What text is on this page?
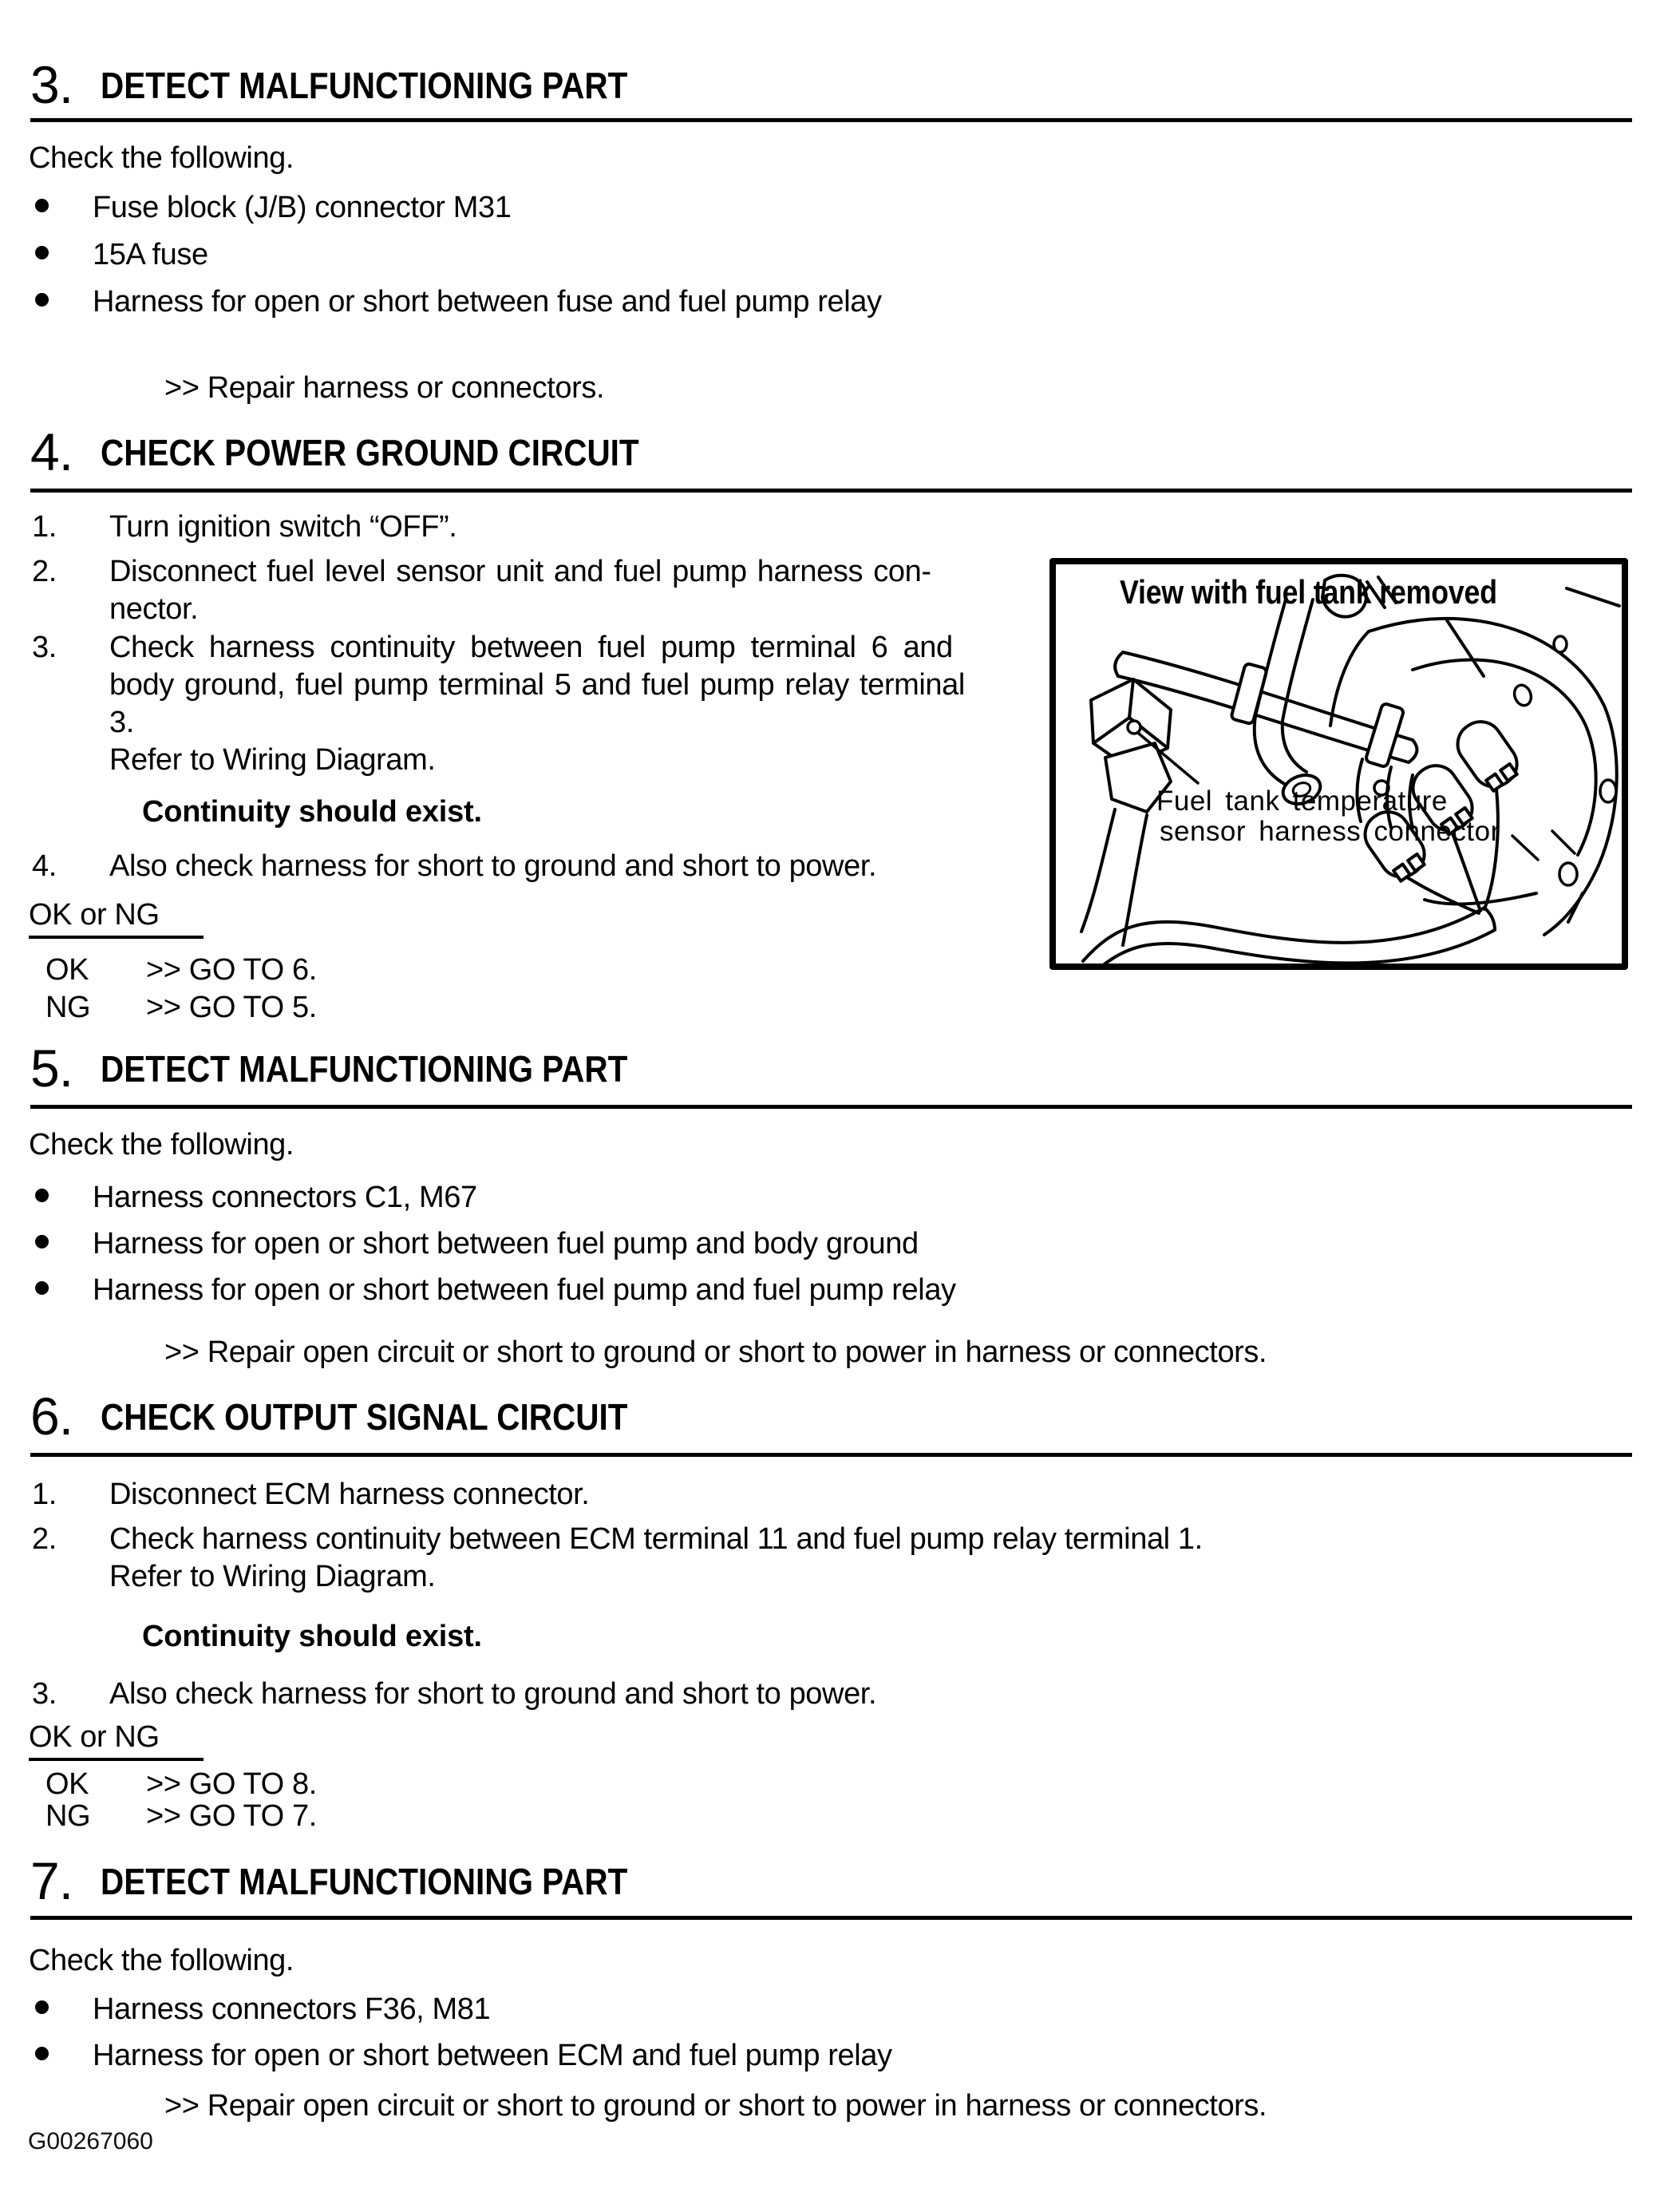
3. DETECT MALFUNCTIONING PART
Check the following.
Fuse block (J/B) connector M31
15A fuse
Harness for open or short between fuse and fuel pump relay
>> Repair harness or connectors.
4. CHECK POWER GROUND CIRCUIT
1. Turn ignition switch “OFF”.
2. Disconnect fuel level sensor unit and fuel pump harness con-
nector.
3. Check harness continuity between fuel pump terminal 6 and
body ground, fuel pump terminal 5 and fuel pump relay terminal
3.
Refer to Wiring Diagram.
Continuity should exist.
4. Also check harness for short to ground and short to power.
OK or NG
OK >> GO TO 6.
NG >> GO TO 5.
View with fuel tank removed
Fuel tank temperature
sensor harness connector
5. DETECT MALFUNCTIONING PART
Check the following.
Harness connectors C1, M67
Harness for open or short between fuel pump and body ground
Harness for open or short between fuel pump and fuel pump relay
>> Repair open circuit or short to ground or short to power in harness or connectors.
6. CHECK OUTPUT SIGNAL CIRCUIT
1. Disconnect ECM harness connector.
2. Check harness continuity between ECM terminal 11 and fuel pump relay terminal 1.
Refer to Wiring Diagram.
Continuity should exist.
3. Also check harness for short to ground and short to power.
OK or NG
OK >> GO TO 8.
NG >> GO TO 7.
7. DETECT MALFUNCTIONING PART
Check the following.
Harness connectors F36, M81
Harness for open or short between ECM and fuel pump relay
>> Repair open circuit or short to ground or short to power in harness or connectors.
G00267060
